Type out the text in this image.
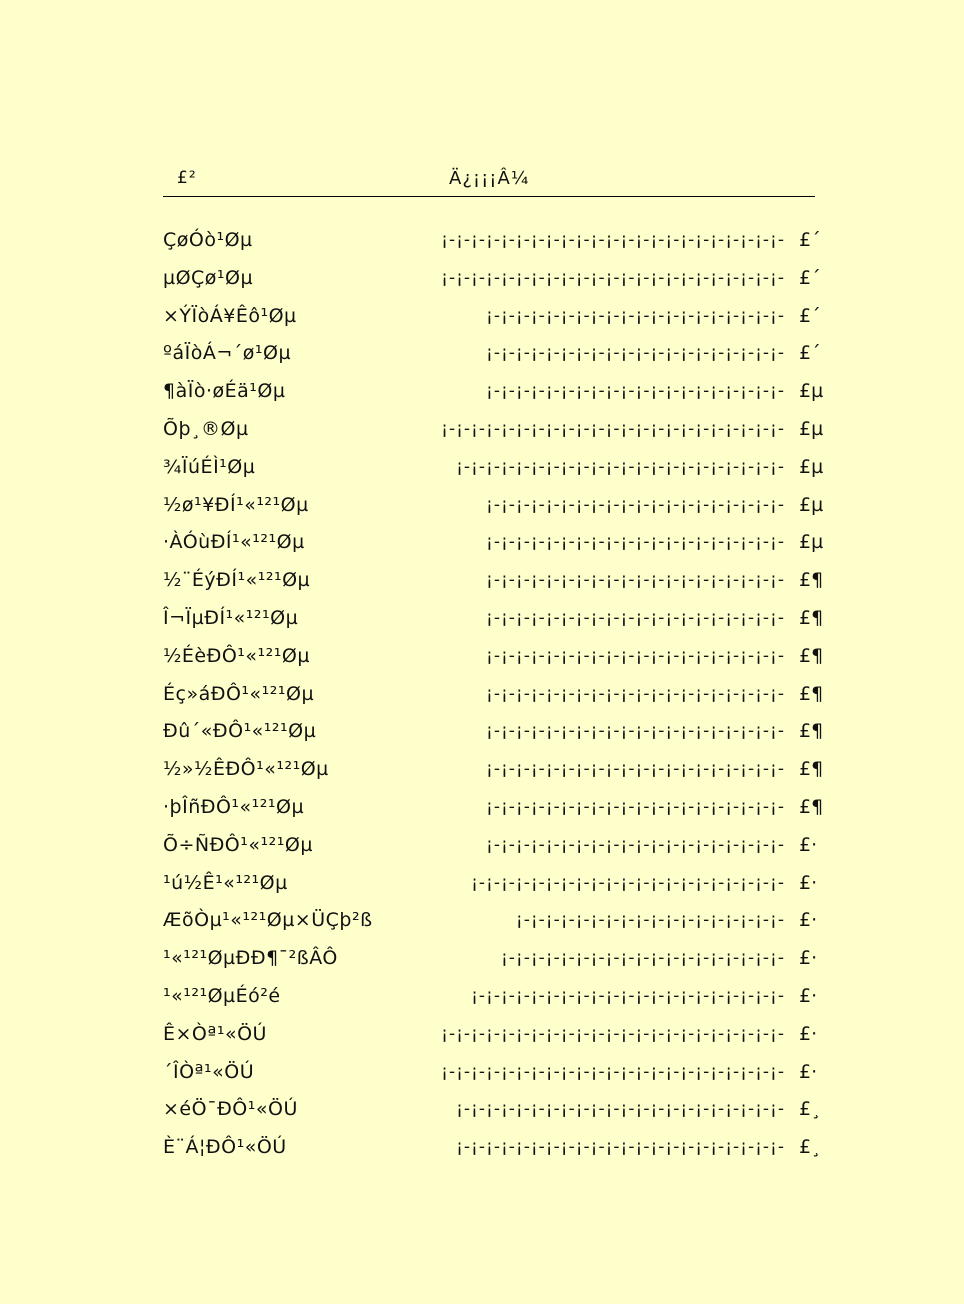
£²	Ä¿¡¡¡Â¼
ÇøÓò¹Øµ	¡-¡-¡-¡-¡-¡-¡-¡-¡-¡-¡-¡-¡-¡-¡-¡-¡-¡-¡-¡-¡-¡-¡- £´
µØÇø¹Øµ	¡-¡-¡-¡-¡-¡-¡-¡-¡-¡-¡-¡-¡-¡-¡-¡-¡-¡-¡-¡-¡-¡-¡- £´
×ÝÏòÁ¥Êô¹Øµ	¡-¡-¡-¡-¡-¡-¡-¡-¡-¡-¡-¡-¡-¡-¡-¡-¡-¡-¡-¡- £´
ºáÏòÁ¬´ø¹Øµ	¡-¡-¡-¡-¡-¡-¡-¡-¡-¡-¡-¡-¡-¡-¡-¡-¡-¡-¡-¡- £´
¶àÏò·øÉä¹Øµ	¡-¡-¡-¡-¡-¡-¡-¡-¡-¡-¡-¡-¡-¡-¡-¡-¡-¡-¡-¡- £µ
Õþ¸®Øµ	¡-¡-¡-¡-¡-¡-¡-¡-¡-¡-¡-¡-¡-¡-¡-¡-¡-¡-¡-¡-¡-¡-¡- £µ
¾ÏúÉÌ¹Øµ	¡-¡-¡-¡-¡-¡-¡-¡-¡-¡-¡-¡-¡-¡-¡-¡-¡-¡-¡-¡-¡-¡- £µ
½ø¹¥ÐÍ¹«¹²¹Øµ	¡-¡-¡-¡-¡-¡-¡-¡-¡-¡-¡-¡-¡-¡-¡-¡-¡-¡-¡-¡- £µ
·ÀÓùÐÍ¹«¹²¹Øµ	¡-¡-¡-¡-¡-¡-¡-¡-¡-¡-¡-¡-¡-¡-¡-¡-¡-¡-¡-¡- £µ
½¨ÉýÐÍ¹«¹²¹Øµ	¡-¡-¡-¡-¡-¡-¡-¡-¡-¡-¡-¡-¡-¡-¡-¡-¡-¡-¡-¡- £¶
Î¬ÏµÐÍ¹«¹²¹Øµ	¡-¡-¡-¡-¡-¡-¡-¡-¡-¡-¡-¡-¡-¡-¡-¡-¡-¡-¡-¡- £¶
½ÉèÐÔ¹«¹²¹Øµ	¡-¡-¡-¡-¡-¡-¡-¡-¡-¡-¡-¡-¡-¡-¡-¡-¡-¡-¡-¡- £¶
Éç»áÐÔ¹«¹²¹Øµ	¡-¡-¡-¡-¡-¡-¡-¡-¡-¡-¡-¡-¡-¡-¡-¡-¡-¡-¡-¡- £¶
Ðû´«ÐÔ¹«¹²¹Øµ	¡-¡-¡-¡-¡-¡-¡-¡-¡-¡-¡-¡-¡-¡-¡-¡-¡-¡-¡-¡- £¶
½»½ÊÐÔ¹«¹²¹Øµ	¡-¡-¡-¡-¡-¡-¡-¡-¡-¡-¡-¡-¡-¡-¡-¡-¡-¡-¡-¡- £¶
·þÎñÐÔ¹«¹²¹Øµ	¡-¡-¡-¡-¡-¡-¡-¡-¡-¡-¡-¡-¡-¡-¡-¡-¡-¡-¡-¡- £¶
Õ÷ÑÐÔ¹«¹²¹Øµ	¡-¡-¡-¡-¡-¡-¡-¡-¡-¡-¡-¡-¡-¡-¡-¡-¡-¡-¡-¡- £·
¹ú½Ê¹«¹²¹Øµ	¡-¡-¡-¡-¡-¡-¡-¡-¡-¡-¡-¡-¡-¡-¡-¡-¡-¡-¡-¡-¡- £·
ÆõÒµ¹«¹²¹Øµ×ÜÇþ²ß	¡-¡-¡-¡-¡-¡-¡-¡-¡-¡-¡-¡-¡-¡-¡-¡-¡-¡- £·
¹«¹²¹ØµÐÐ¶¯²ßÂÔ	¡-¡-¡-¡-¡-¡-¡-¡-¡-¡-¡-¡-¡-¡-¡-¡-¡-¡-¡- £·
¹«¹²¹ØµÉó²é	¡-¡-¡-¡-¡-¡-¡-¡-¡-¡-¡-¡-¡-¡-¡-¡-¡-¡-¡-¡-¡- £·
Ê×Òª¹«ÖÚ	¡-¡-¡-¡-¡-¡-¡-¡-¡-¡-¡-¡-¡-¡-¡-¡-¡-¡-¡-¡-¡-¡-¡- £·
´ÎÒª¹«ÖÚ	¡-¡-¡-¡-¡-¡-¡-¡-¡-¡-¡-¡-¡-¡-¡-¡-¡-¡-¡-¡-¡-¡-¡- £·
×éÖ¯ÐÔ¹«ÖÚ	¡-¡-¡-¡-¡-¡-¡-¡-¡-¡-¡-¡-¡-¡-¡-¡-¡-¡-¡-¡-¡-¡- £¸
È¨Á¦ÐÔ¹«ÖÚ	¡-¡-¡-¡-¡-¡-¡-¡-¡-¡-¡-¡-¡-¡-¡-¡-¡-¡-¡-¡-¡-¡- £¸
